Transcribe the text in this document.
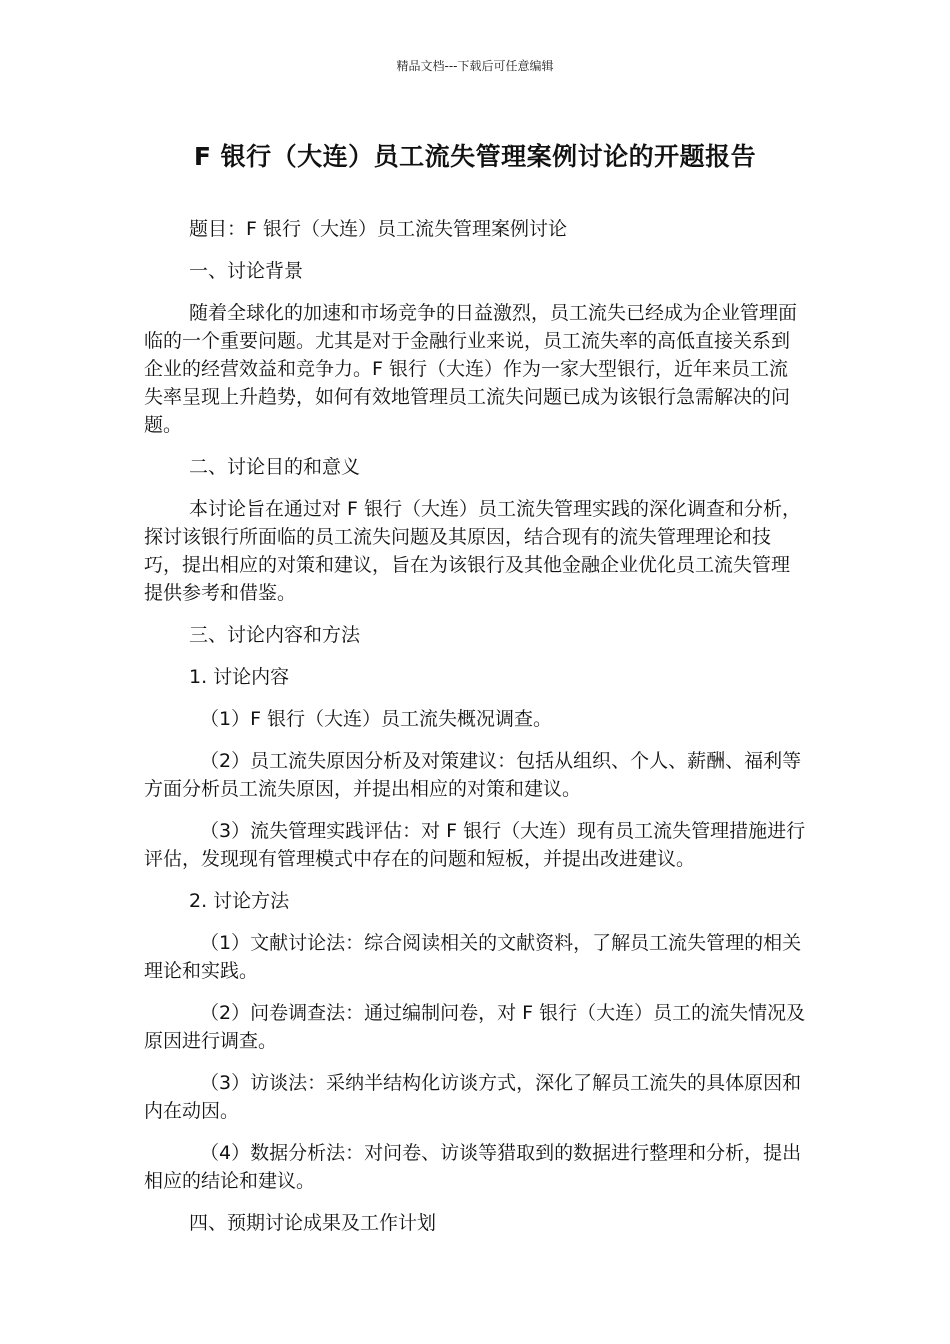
精品文档---下载后可任意编辑
F 银行（大连）员工流失管理案例讨论的开题报告

题目：F 银行（大连）员工流失管理案例讨论

一、讨论背景

随着全球化的加速和市场竞争的日益激烈，员工流失已经成为企业管理面临的一个重要问题。尤其是对于金融行业来说，员工流失率的高低直接关系到企业的经营效益和竞争力。F 银行（大连）作为一家大型银行，近年来员工流失率呈现上升趋势，如何有效地管理员工流失问题已成为该银行急需解决的问题。

二、讨论目的和意义

本讨论旨在通过对 F 银行（大连）员工流失管理实践的深化调查和分析，探讨该银行所面临的员工流失问题及其原因，结合现有的流失管理理论和技巧，提出相应的对策和建议，旨在为该银行及其他金融企业优化员工流失管理提供参考和借鉴。

三、讨论内容和方法

1. 讨论内容

（1）F 银行（大连）员工流失概况调查。

（2）员工流失原因分析及对策建议：包括从组织、个人、薪酬、福利等方面分析员工流失原因，并提出相应的对策和建议。

（3）流失管理实践评估：对 F 银行（大连）现有员工流失管理措施进行评估，发现现有管理模式中存在的问题和短板，并提出改进建议。

2. 讨论方法

（1）文献讨论法：综合阅读相关的文献资料，了解员工流失管理的相关理论和实践。

（2）问卷调查法：通过编制问卷，对 F 银行（大连）员工的流失情况及原因进行调查。

（3）访谈法：采纳半结构化访谈方式，深化了解员工流失的具体原因和内在动因。

（4）数据分析法：对问卷、访谈等猎取到的数据进行整理和分析，提出相应的结论和建议。

四、预期讨论成果及工作计划
